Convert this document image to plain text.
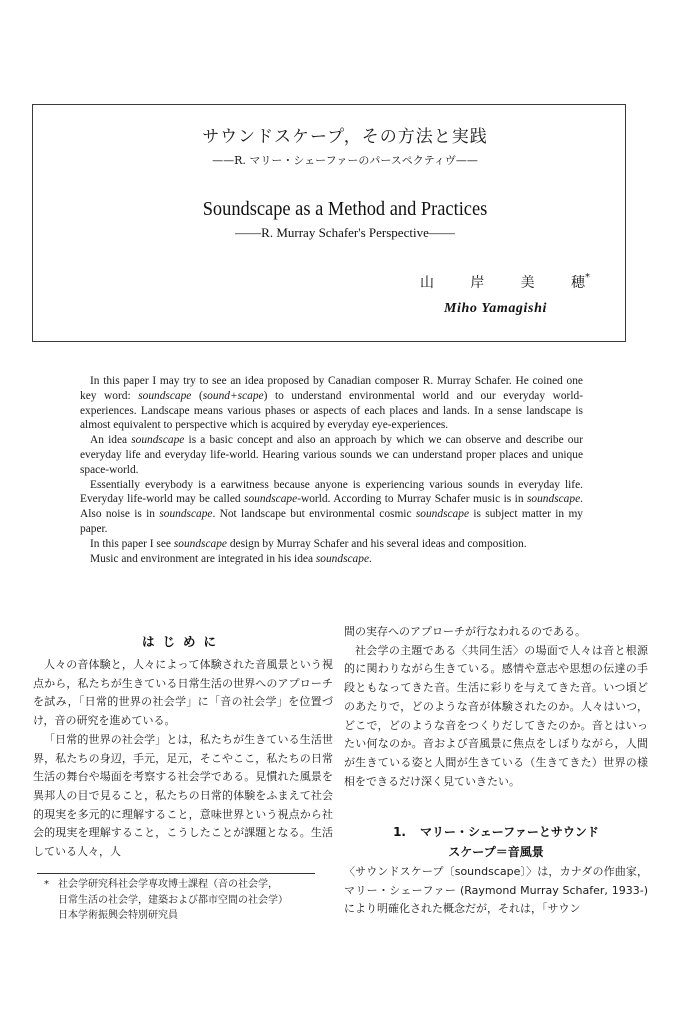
サウンドスケープ，その方法と実践
——R. マリー・シェーファーのパースペクティヴ——
Soundscape as a Method and Practices
——R. Murray Schafer's Perspective——
山	岸	美	穂*
Miho Yamagishi

In this paper I may try to see an idea proposed by Canadian composer R. Murray Schafer. He coined one key word: soundscape (sound+scape) to understand environmental world and our everyday world-experiences. Landscape means various phases or aspects of each places and lands. In a sense landscape is almost equivalent to perspective which is acquired by everyday eye-experiences.

An idea soundscape is a basic concept and also an approach by which we can observe and describe our everyday life and everyday life-world. Hearing various sounds we can understand proper places and unique space-world.

Essentially everybody is a earwitness because anyone is experiencing various sounds in everyday life. Everyday life-world may be called soundscape-world. According to Murray Schafer music is in soundscape. Also noise is in soundscape. Not landscape but environmental cosmic soundscape is subject matter in my paper.

In this paper I see soundscape design by Murray Schafer and his several ideas and composition.

Music and environment are integrated in his idea soundscape.

はじめに

人々の音体験と，人々によって体験された音風景という視点から，私たちが生きている日常生活の世界へのアプローチを試み，「日常的世界の社会学」に「音の社会学」を位置づけ，音の研究を進めている。

「日常的世界の社会学」とは，私たちが生きている生活世界，私たちの身辺，手元，足元，そこやここ，私たちの日常生活の舞台や場面を考察する社会学である。見慣れた風景を異邦人の目で見ること，私たちの日常的体験をふまえて社会的現実を多元的に理解すること，意味世界という視点から社会的現実を理解すること，こうしたことが課題となる。生活している人々，人

* 社会学研究科社会学専攻博士課程（音の社会学，
日常生活の社会学，建築および都市空間の社会学）
日本学術振興会特別研究員

間の実存へのアプローチが行なわれるのである。

社会学の主題である〈共同生活〉の場面で人々は音と根源的に関わりながら生きている。感情や意志や思想の伝達の手段ともなってきた音。生活に彩りを与えてきた音。いつ頃どのあたりで，どのような音が体験されたのか。人々はいつ，どこで，どのような音をつくりだしてきたのか。音とはいったい何なのか。音および音風景に焦点をしぼりながら，人間が生きている姿と人間が生きている（生きてきた）世界の様相をできるだけ深く見ていきたい。

1. マリー・シェーファーとサウンド
スケープ＝音風景

〈サウンドスケープ〔soundscape〕〉は，カナダの作曲家，マリー・シェーファー (Raymond Murray Schafer, 1933-) により明確化された概念だが，それは，「サウン
